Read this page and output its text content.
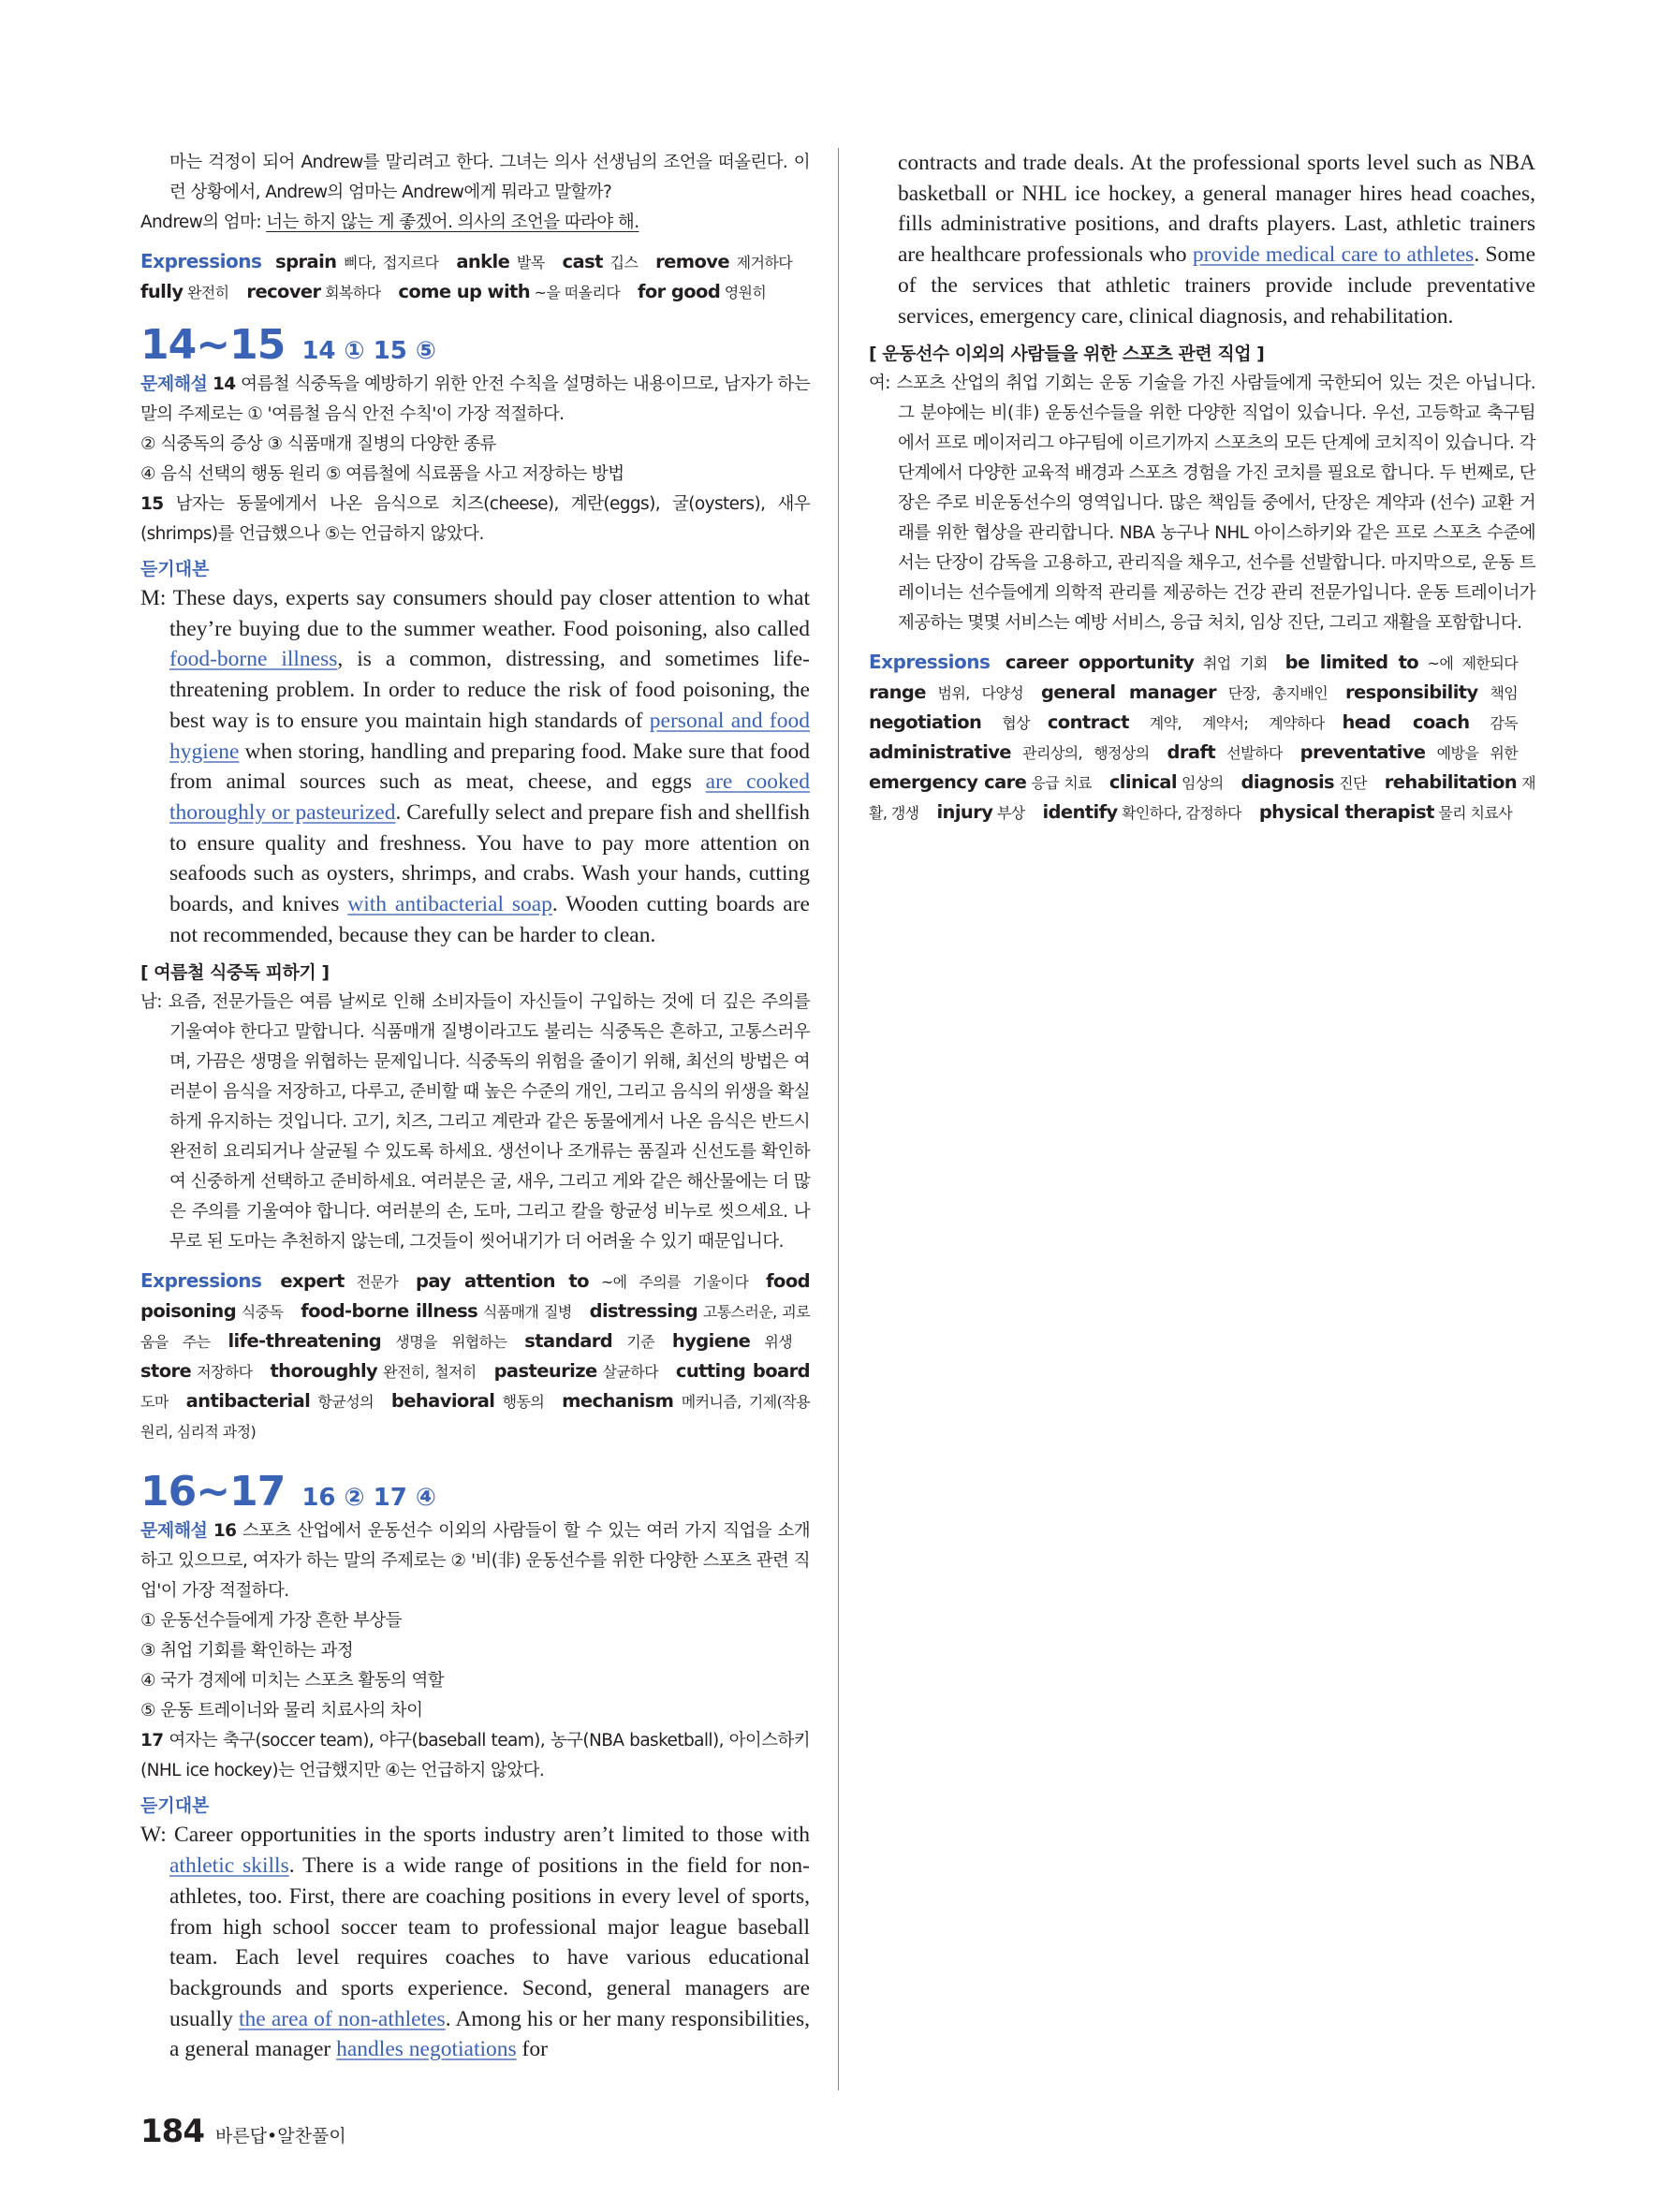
마는 걱정이 되어 Andrew를 말리려고 한다. 그녀는 의사 선생님의 조언을 떠올린다. 이런 상황에서, Andrew의 엄마는 Andrew에게 뭐라고 말할까?

Andrew의 엄마: 너는 하지 않는 게 좋겠어. 의사의 조언을 따라야 해.

Expressions sprain 삐다, 접지르다  ankle 발목  cast 깁스  remove 제거하다 fully 완전히  recover 회복하다  come up with ~을 떠올리다  for good 영원히

14~15 14 ① 15 ⑤

문제해설 14 여름철 식중독을 예방하기 위한 안전 수칙을 설명하는 내용이므로, 남자가 하는 말의 주제로는 ① '여름철 음식 안전 수칙'이 가장 적절하다.

② 식중독의 증상 ③ 식품매개 질병의 다양한 종류

④ 음식 선택의 행동 원리 ⑤ 여름철에 식료품을 사고 저장하는 방법

15 남자는 동물에게서 나온 음식으로 치즈(cheese), 계란(eggs), 굴(oysters), 새우(shrimps)를 언급했으나 ⑤는 언급하지 않았다.

듣기대본

M: These days, experts say consumers should pay closer attention to what they’re buying due to the summer weather. Food poisoning, also called food-borne illness, is a common, distressing, and sometimes life-threatening problem. In order to reduce the risk of food poisoning, the best way is to ensure you maintain high standards of personal and food hygiene when storing, handling and preparing food. Make sure that food from animal sources such as meat, cheese, and eggs are cooked thoroughly or pasteurized. Carefully select and prepare fish and shellfish to ensure quality and freshness. You have to pay more attention on seafoods such as oysters, shrimps, and crabs. Wash your hands, cutting boards, and knives with antibacterial soap. Wooden cutting boards are not recommended, because they can be harder to clean.

[ 여름철 식중독 피하기 ]

남: 요즘, 전문가들은 여름 날씨로 인해 소비자들이 자신들이 구입하는 것에 더 깊은 주의를 기울여야 한다고 말합니다. 식품매개 질병이라고도 불리는 식중독은 흔하고, 고통스러우며, 가끔은 생명을 위협하는 문제입니다. 식중독의 위험을 줄이기 위해, 최선의 방법은 여러분이 음식을 저장하고, 다루고, 준비할 때 높은 수준의 개인, 그리고 음식의 위생을 확실하게 유지하는 것입니다. 고기, 치즈, 그리고 계란과 같은 동물에게서 나온 음식은 반드시 완전히 요리되거나 살균될 수 있도록 하세요. 생선이나 조개류는 품질과 신선도를 확인하여 신중하게 선택하고 준비하세요. 여러분은 굴, 새우, 그리고 게와 같은 해산물에는 더 많은 주의를 기울여야 합니다. 여러분의 손, 도마, 그리고 칼을 항균성 비누로 씻으세요. 나무로 된 도마는 추천하지 않는데, 그것들이 씻어내기가 더 어려울 수 있기 때문입니다.

Expressions expert 전문가  pay attention to ~에 주의를 기울이다  food poisoning 식중독  food-borne illness 식품매개 질병  distressing 고통스러운, 괴로움을 주는  life-threatening 생명을 위협하는  standard 기준  hygiene 위생 store 저장하다  thoroughly 완전히, 철저히  pasteurize 살균하다  cutting board 도마  antibacterial 항균성의  behavioral 행동의  mechanism 메커니즘, 기제(작용 원리, 심리적 과정)

16~17 16 ② 17 ④

문제해설 16 스포츠 산업에서 운동선수 이외의 사람들이 할 수 있는 여러 가지 직업을 소개하고 있으므로, 여자가 하는 말의 주제로는 ② '비(非) 운동선수를 위한 다양한 스포츠 관련 직업'이 가장 적절하다.

① 운동선수들에게 가장 흔한 부상들

③ 취업 기회를 확인하는 과정

④ 국가 경제에 미치는 스포츠 활동의 역할

⑤ 운동 트레이너와 물리 치료사의 차이

17 여자는 축구(soccer team), 야구(baseball team), 농구(NBA basketball), 아이스하키(NHL ice hockey)는 언급했지만 ④는 언급하지 않았다.

듣기대본

W: Career opportunities in the sports industry aren’t limited to those with athletic skills. There is a wide range of positions in the field for non-athletes, too. First, there are coaching positions in every level of sports, from high school soccer team to professional major league baseball team. Each level requires coaches to have various educational backgrounds and sports experience. Second, general managers are usually the area of non-athletes. Among his or her many responsibilities, a general manager handles negotiations for

contracts and trade deals. At the professional sports level such as NBA basketball or NHL ice hockey, a general manager hires head coaches, fills administrative positions, and drafts players. Last, athletic trainers are healthcare professionals who provide medical care to athletes. Some of the services that athletic trainers provide include preventative services, emergency care, clinical diagnosis, and rehabilitation.

[ 운동선수 이외의 사람들을 위한 스포츠 관련 직업 ]

여: 스포츠 산업의 취업 기회는 운동 기술을 가진 사람들에게 국한되어 있는 것은 아닙니다. 그 분야에는 비(非) 운동선수들을 위한 다양한 직업이 있습니다. 우선, 고등학교 축구팀에서 프로 메이저리그 야구팀에 이르기까지 스포츠의 모든 단계에 코치직이 있습니다. 각 단계에서 다양한 교육적 배경과 스포츠 경험을 가진 코치를 필요로 합니다. 두 번째로, 단장은 주로 비운동선수의 영역입니다. 많은 책임들 중에서, 단장은 계약과 (선수) 교환 거래를 위한 협상을 관리합니다. NBA 농구나 NHL 아이스하키와 같은 프로 스포츠 수준에서는 단장이 감독을 고용하고, 관리직을 채우고, 선수를 선발합니다. 마지막으로, 운동 트레이너는 선수들에게 의학적 관리를 제공하는 건강 관리 전문가입니다. 운동 트레이너가 제공하는 몇몇 서비스는 예방 서비스, 응급 처치, 임상 진단, 그리고 재활을 포함합니다.

Expressions career opportunity 취업 기회  be limited to ~에 제한되다 range 범위, 다양성  general manager 단장, 총지배인  responsibility 책임 negotiation 협상  contract 계약, 계약서; 계약하다  head coach 감독 administrative 관리상의, 행정상의  draft 선발하다  preventative 예방을 위한 emergency care 응급 치료  clinical 임상의  diagnosis 진단  rehabilitation 재활, 갱생  injury 부상  identify 확인하다, 감정하다  physical therapist 물리 치료사

184 바른답•알찬풀이
